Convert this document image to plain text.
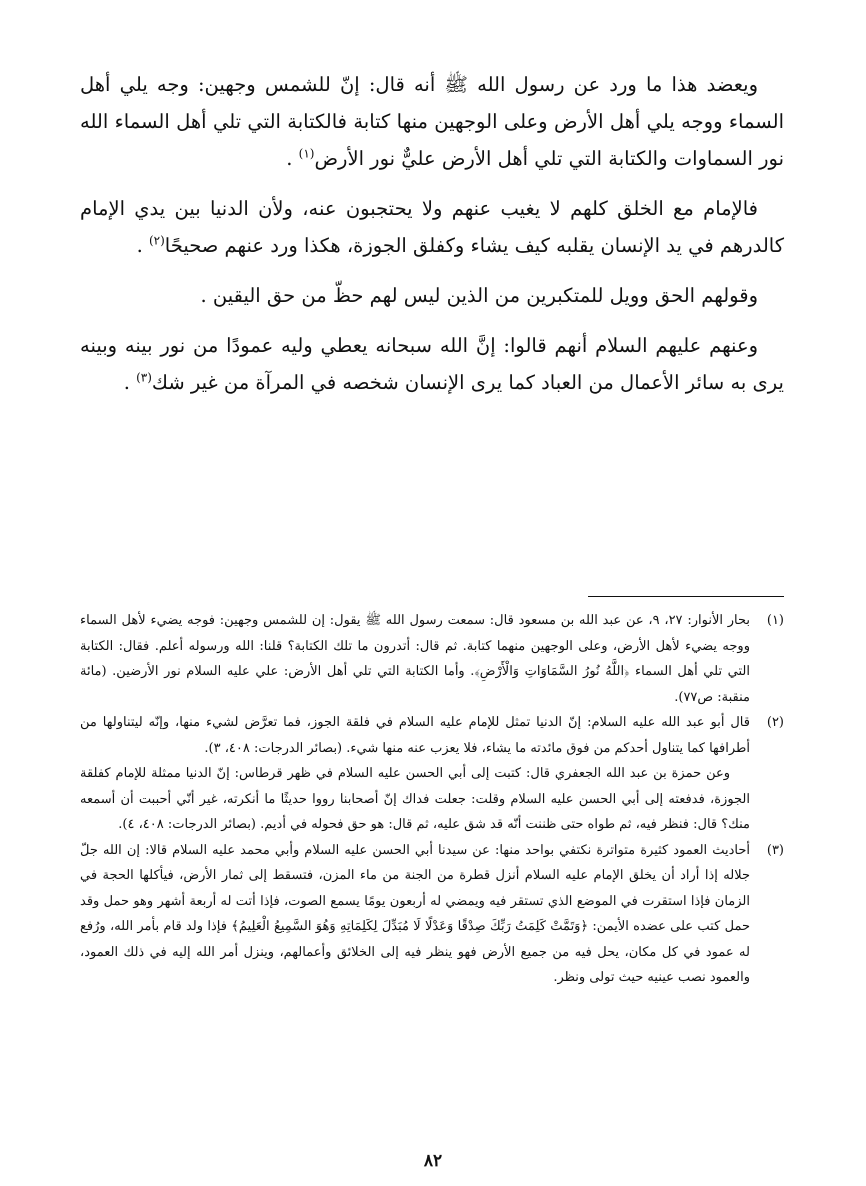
ويعضد هذا ما ورد عن رسول الله ﷺ أنه قال: إنّ للشمس وجهين: وجه يلي أهل السماء ووجه يلي أهل الأرض وعلى الوجهين منها كتابة فالكتابة التي تلي أهل السماء الله نور السماوات والكتابة التي تلي أهل الأرض عليٌّ نور الأرض$^{(١)}$ .

فالإمام مع الخلق كلهم لا يغيب عنهم ولا يحتجبون عنه، ولأن الدنيا بين يدي الإمام كالدرهم في يد الإنسان يقلبه كيف يشاء وكفلق الجوزة، هكذا ورد عنهم صحيحًا$^{(٢)}$ .

وقولهم الحق وويل للمتكبرين من الذين ليس لهم حظّ من حق اليقين .

وعنهم عليهم السلام أنهم قالوا: إنَّ الله سبحانه يعطي وليه عمودًا من نور بينه وبينه يرى به سائر الأعمال من العباد كما يرى الإنسان شخصه في المرآة من غير شك$^{(٣)}$ .

(١)
بحار الأنوار: ٢٧، ٩، عن عبد الله بن مسعود قال: سمعت رسول الله ﷺ يقول: إن للشمس وجهين: فوجه يضيء لأهل السماء ووجه يضيء لأهل الأرض، وعلى الوجهين منهما كتابة. ثم قال: أتدرون ما تلك الكتابة؟ قلنا: الله ورسوله أعلم. فقال: الكتابة التي تلي أهل السماء ﴿اللَّهُ نُورُ السَّمَاوَاتِ وَالْأَرْضِ﴾. وأما الكتابة التي تلي أهل الأرض: علي عليه السلام نور الأرضين. (مائة منقبة: ص٧٧).
(٢)
قال أبو عبد الله عليه السلام: إنّ الدنيا تمثل للإمام عليه السلام في فلقة الجوز، فما تعرَّض لشيء منها، وإنّه ليتناولها من أطرافها كما يتناول أحدكم من فوق مائدته ما يشاء، فلا يعزب عنه منها شيء. (بصائر الدرجات: ٤٠٨، ٣).

وعن حمزة بن عبد الله الجعفري قال: كتبت إلى أبي الحسن عليه السلام في ظهر قرطاس: إنّ الدنيا ممثلة للإمام كفلقة الجوزة، فدفعته إلى أبي الحسن عليه السلام وقلت: جعلت فداك إنّ أصحابنا رووا حديثًا ما أنكرته، غير أنّي أحببت أن أسمعه منك؟ قال: فنظر فيه، ثم طواه حتى ظننت أنّه قد شق عليه، ثم قال: هو حق فحوله في أديم. (بصائر الدرجات: ٤٠٨، ٤).

(٣)
أحاديث العمود كثيرة متواترة نكتفي بواحد منها: عن سيدنا أبي الحسن عليه السلام وأبي محمد عليه السلام قالا: إن الله جلّ جلاله إذا أراد أن يخلق الإمام عليه السلام أنزل قطرة من الجنة من ماء المزن، فتسقط إلى ثمار الأرض، فيأكلها الحجة في الزمان فإذا استقرت في الموضع الذي تستقر فيه ويمضي له أربعون يومًا يسمع الصوت، فإذا أتت له أربعة أشهر وهو حمل وقد حمل كتب على عضده الأيمن: ﴿وَتَمَّتْ كَلِمَتُ رَبِّكَ صِدْقًا وَعَدْلًا لَا مُبَدِّلَ لِكَلِمَاتِهِ وَهُوَ السَّمِيعُ الْعَلِيمُ﴾ فإذا ولد قام بأمر الله، ورُفع له عمود في كل مكان، يحل فيه من جميع الأرض فهو ينظر فيه إلى الخلائق وأعمالهم، وينزل أمر الله إليه في ذلك العمود، والعمود نصب عينيه حيث تولى ونظر.
٨٢
